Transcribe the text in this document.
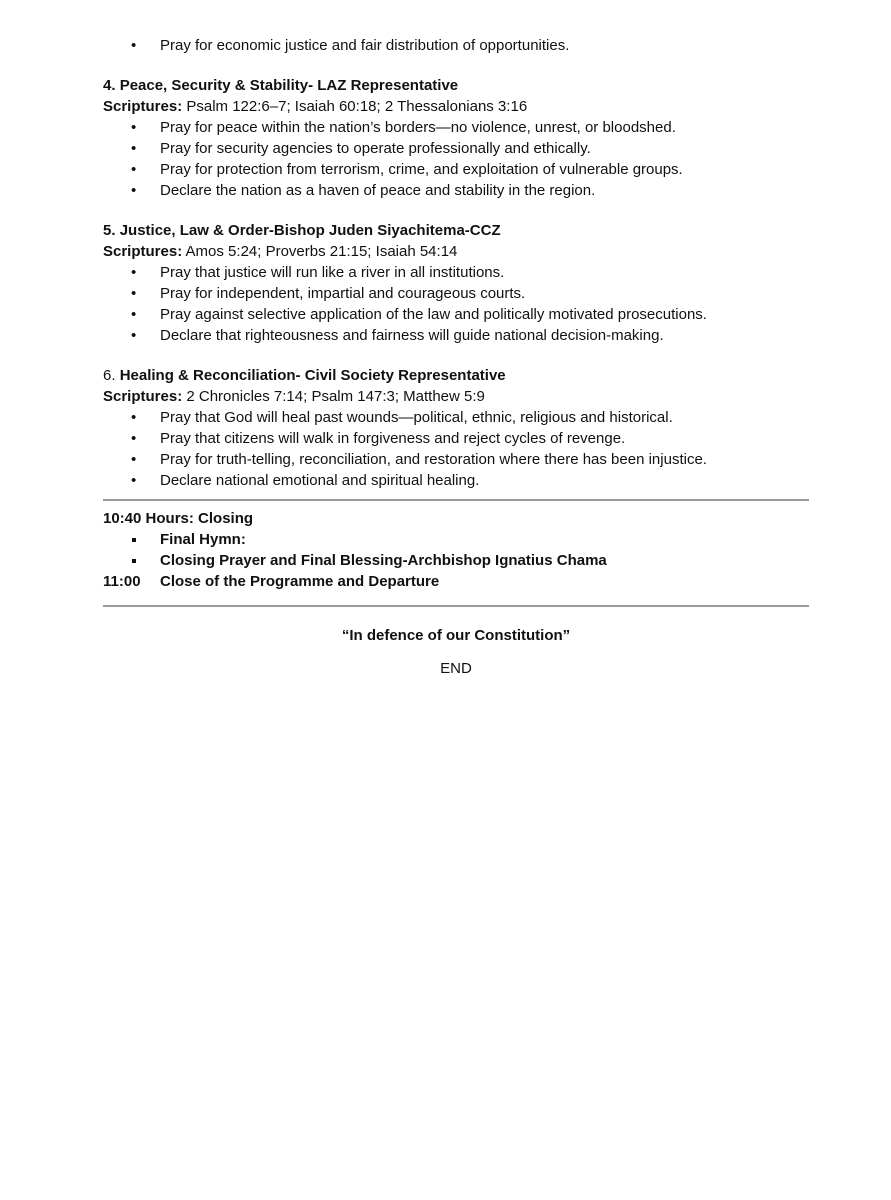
• Pray for economic justice and fair distribution of opportunities.

4. Peace, Security & Stability- LAZ Representative

Scriptures: Psalm 122:6–7; Isaiah 60:18; 2 Thessalonians 3:16

• Pray for peace within the nation’s borders—no violence, unrest, or bloodshed.
• Pray for security agencies to operate professionally and ethically.
• Pray for protection from terrorism, crime, and exploitation of vulnerable groups.
• Declare the nation as a haven of peace and stability in the region.

5. Justice, Law & Order-Bishop Juden Siyachitema-CCZ

Scriptures: Amos 5:24; Proverbs 21:15; Isaiah 54:14

• Pray that justice will run like a river in all institutions.
• Pray for independent, impartial and courageous courts.
• Pray against selective application of the law and politically motivated prosecutions.
• Declare that righteousness and fairness will guide national decision-making.

6. Healing & Reconciliation- Civil Society Representative

Scriptures: 2 Chronicles 7:14; Psalm 147:3; Matthew 5:9

• Pray that God will heal past wounds—political, ethnic, religious and historical.
• Pray that citizens will walk in forgiveness and reject cycles of revenge.
• Pray for truth-telling, reconciliation, and restoration where there has been injustice.
• Declare national emotional and spiritual healing.

10:40 Hours: Closing

Final Hymn:
Closing Prayer and Final Blessing-Archbishop Ignatius Chama
11:00	Close of the Programme and Departure
“In defence of our Constitution”
END
